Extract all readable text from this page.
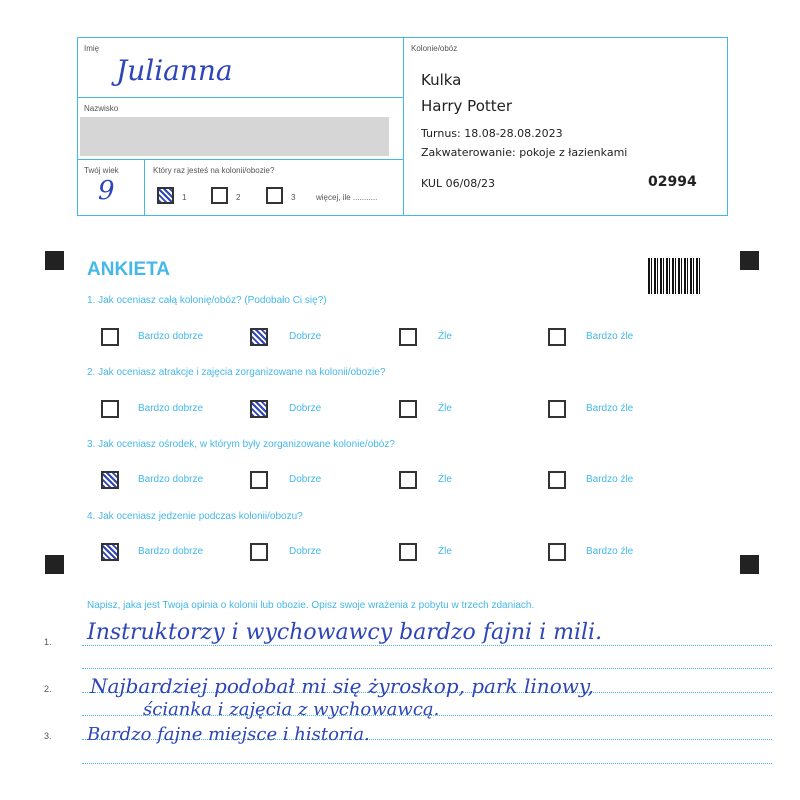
Imię
Julianna
Nazwisko
Twój wiek
9
Który raz jesteś na kolonii/obozie?
1	2	3	więcej, ile ...........
Kolonie/obóz
Kulka
Harry Potter
Turnus: 18.08-28.08.2023
Zakwaterowanie: pokoje z łazienkami
KUL 06/08/23	02994
ANKIETA
1. Jak oceniasz całą kolonię/obóz? (Podobało Ci się?)
Bardzo dobrze	Dobrze	Źle	Bardzo źle
2. Jak oceniasz atrakcje i zajęcia zorganizowane na kolonii/obozie?
Bardzo dobrze	Dobrze	Źle	Bardzo źle
3. Jak oceniasz ośrodek, w którym były zorganizowane kolonie/obóz?
Bardzo dobrze	Dobrze	Źle	Bardzo źle
4. Jak oceniasz jedzenie podczas kolonii/obozu?
Bardzo dobrze	Dobrze	Źle	Bardzo źle
Napisz, jaka jest Twoja opinia o kolonii lub obozie. Opisz swoje wrażenia z pobytu w trzech zdaniach.
1.
2.
3.
Instruktorzy i wychowawcy bardzo fajni i mili.
Najbardziej podobał mi się żyroskop, park linowy,
ścianka i zajęcia z wychowawcą.
Bardzo fajne miejsce i historia.
